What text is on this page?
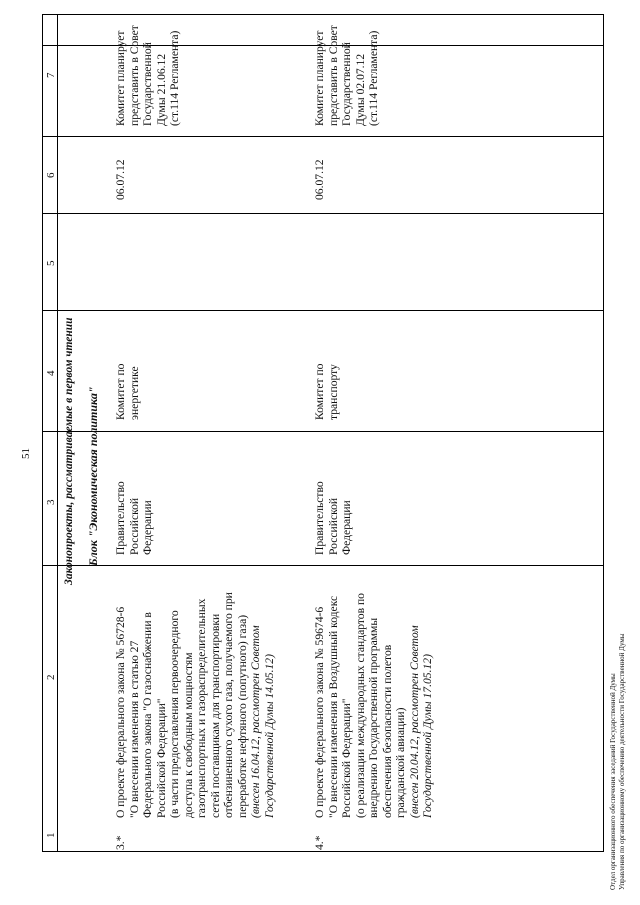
1
2
3
4
5
6
7
51	Законопроекты, рассматриваемые в первом чтении Блок "Экономическая политика"
3.*
О проекте федерального закона № 56728-6 "О внесении изменения в статью 27 Федерального закона "О газоснабжении в Российской Федерации" (в части предоставления первоочередного доступа к свободным мощностям газотранспортных и газораспределительных сетей поставщикам для транспортировки отбензиненного сухого газа, получаемого при переработке нефтяного (попутного) газа) (внесен 16.04.12, рассмотрен Советом Государственной Думы 14.05.12)
Правительство Российской Федерации
Комитет по энергетике
06.07.12
Комитет планирует представить в Совет Государственной Думы 21.06.12 (ст.114 Регламента)
4.*
О проекте федерального закона № 59674-6 "О внесении изменения в Воздушный кодекс Российской Федерации" (о реализации международных стандартов по внедрению Государственной программы обеспечения безопасности полетов гражданской авиации) (внесен 20.04.12, рассмотрен Советом Государственной Думы 17.05.12)
Правительство Российской Федерации
Комитет по транспорту
06.07.12
Комитет планирует представить в Совет Государственной Думы 02.07.12 (ст.114 Регламента)
Отдел организационного обеспечения заседаний Государственной Думы Управления по организационному обеспечению деятельности Государственной Думы
